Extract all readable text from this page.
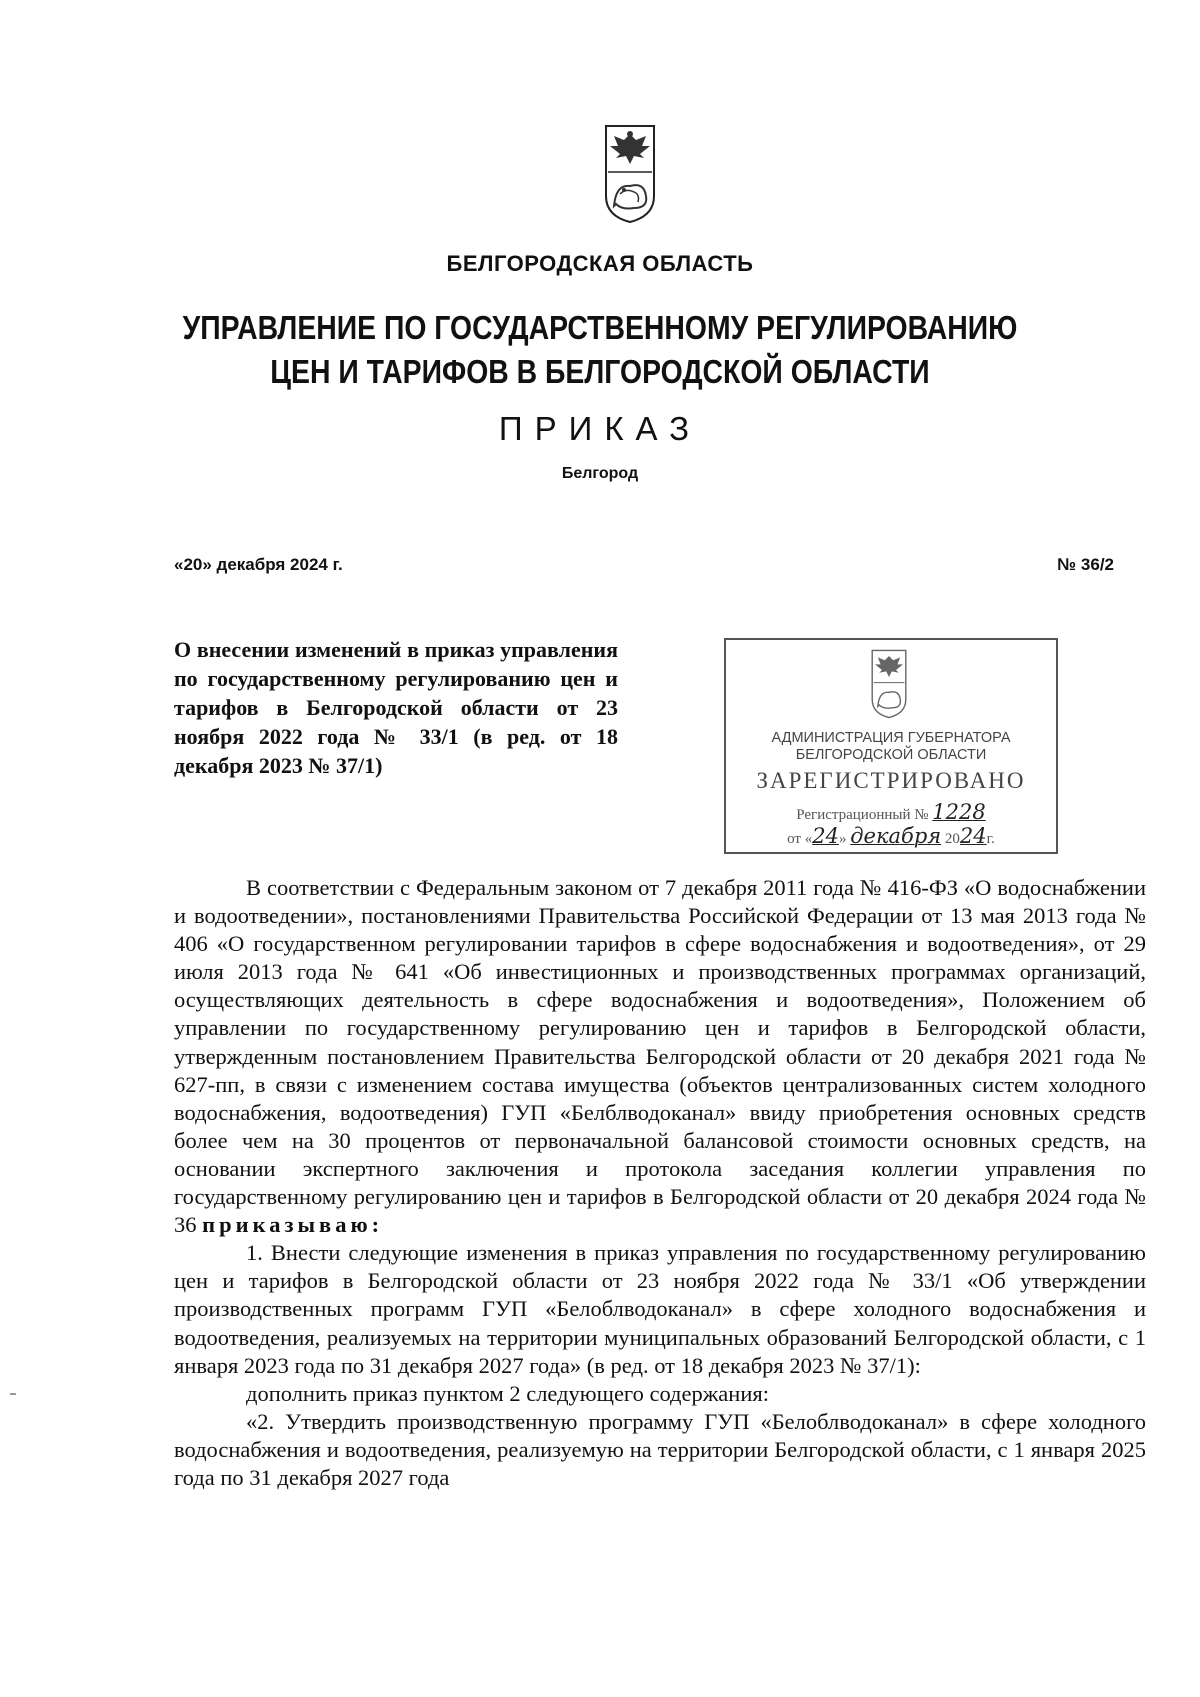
БЕЛГОРОДСКАЯ ОБЛАСТЬ
УПРАВЛЕНИЕ ПО ГОСУДАРСТВЕННОМУ РЕГУЛИРОВАНИЮ
ЦЕН И ТАРИФОВ В БЕЛГОРОДСКОЙ ОБЛАСТИ
ПРИКАЗ
Белгород
«20» декабря 2024 г.	№ 36/2
О внесении изменений в приказ управления по государственному регулированию цен и тарифов в Белгородской области от 23 ноября 2022 года № 33/1 (в ред. от 18 декабря 2023 № 37/1)
АДМИНИСТРАЦИЯ ГУБЕРНАТОРА
БЕЛГОРОДСКОЙ ОБЛАСТИ
ЗАРЕГИСТРИРОВАНО
Регистрационный № 1228
от «24» декабря 2024г.

В соответствии с Федеральным законом от 7 декабря 2011 года № 416-ФЗ «О водоснабжении и водоотведении», постановлениями Правительства Российской Федерации от 13 мая 2013 года № 406 «О государственном регулировании тарифов в сфере водоснабжения и водоотведения», от 29 июля 2013 года № 641 «Об инвестиционных и производственных программах организаций, осуществляющих деятельность в сфере водоснабжения и водоотведения», Положением об управлении по государственному регулированию цен и тарифов в Белгородской области, утвержденным постановлением Правительства Белгородской области от 20 декабря 2021 года № 627-пп, в связи с изменением состава имущества (объектов централизованных систем холодного водоснабжения, водоотведения) ГУП «Белблводоканал» ввиду приобретения основных средств более чем на 30 процентов от первоначальной балансовой стоимости основных средств, на основании экспертного заключения и протокола заседания коллегии управления по государственному регулированию цен и тарифов в Белгородской области от 20 декабря 2024 года № 36 приказываю:

1. Внести следующие изменения в приказ управления по государственному регулированию цен и тарифов в Белгородской области от 23 ноября 2022 года № 33/1 «Об утверждении производственных программ ГУП «Белоблводоканал» в сфере холодного водоснабжения и водоотведения, реализуемых на территории муниципальных образований Белгородской области, с 1 января 2023 года по 31 декабря 2027 года» (в ред. от 18 декабря 2023 № 37/1):

дополнить приказ пунктом 2 следующего содержания:

«2. Утвердить производственную программу ГУП «Белоблводоканал» в сфере холодного водоснабжения и водоотведения, реализуемую на территории Белгородской области, с 1 января 2025 года по 31 декабря 2027 года
